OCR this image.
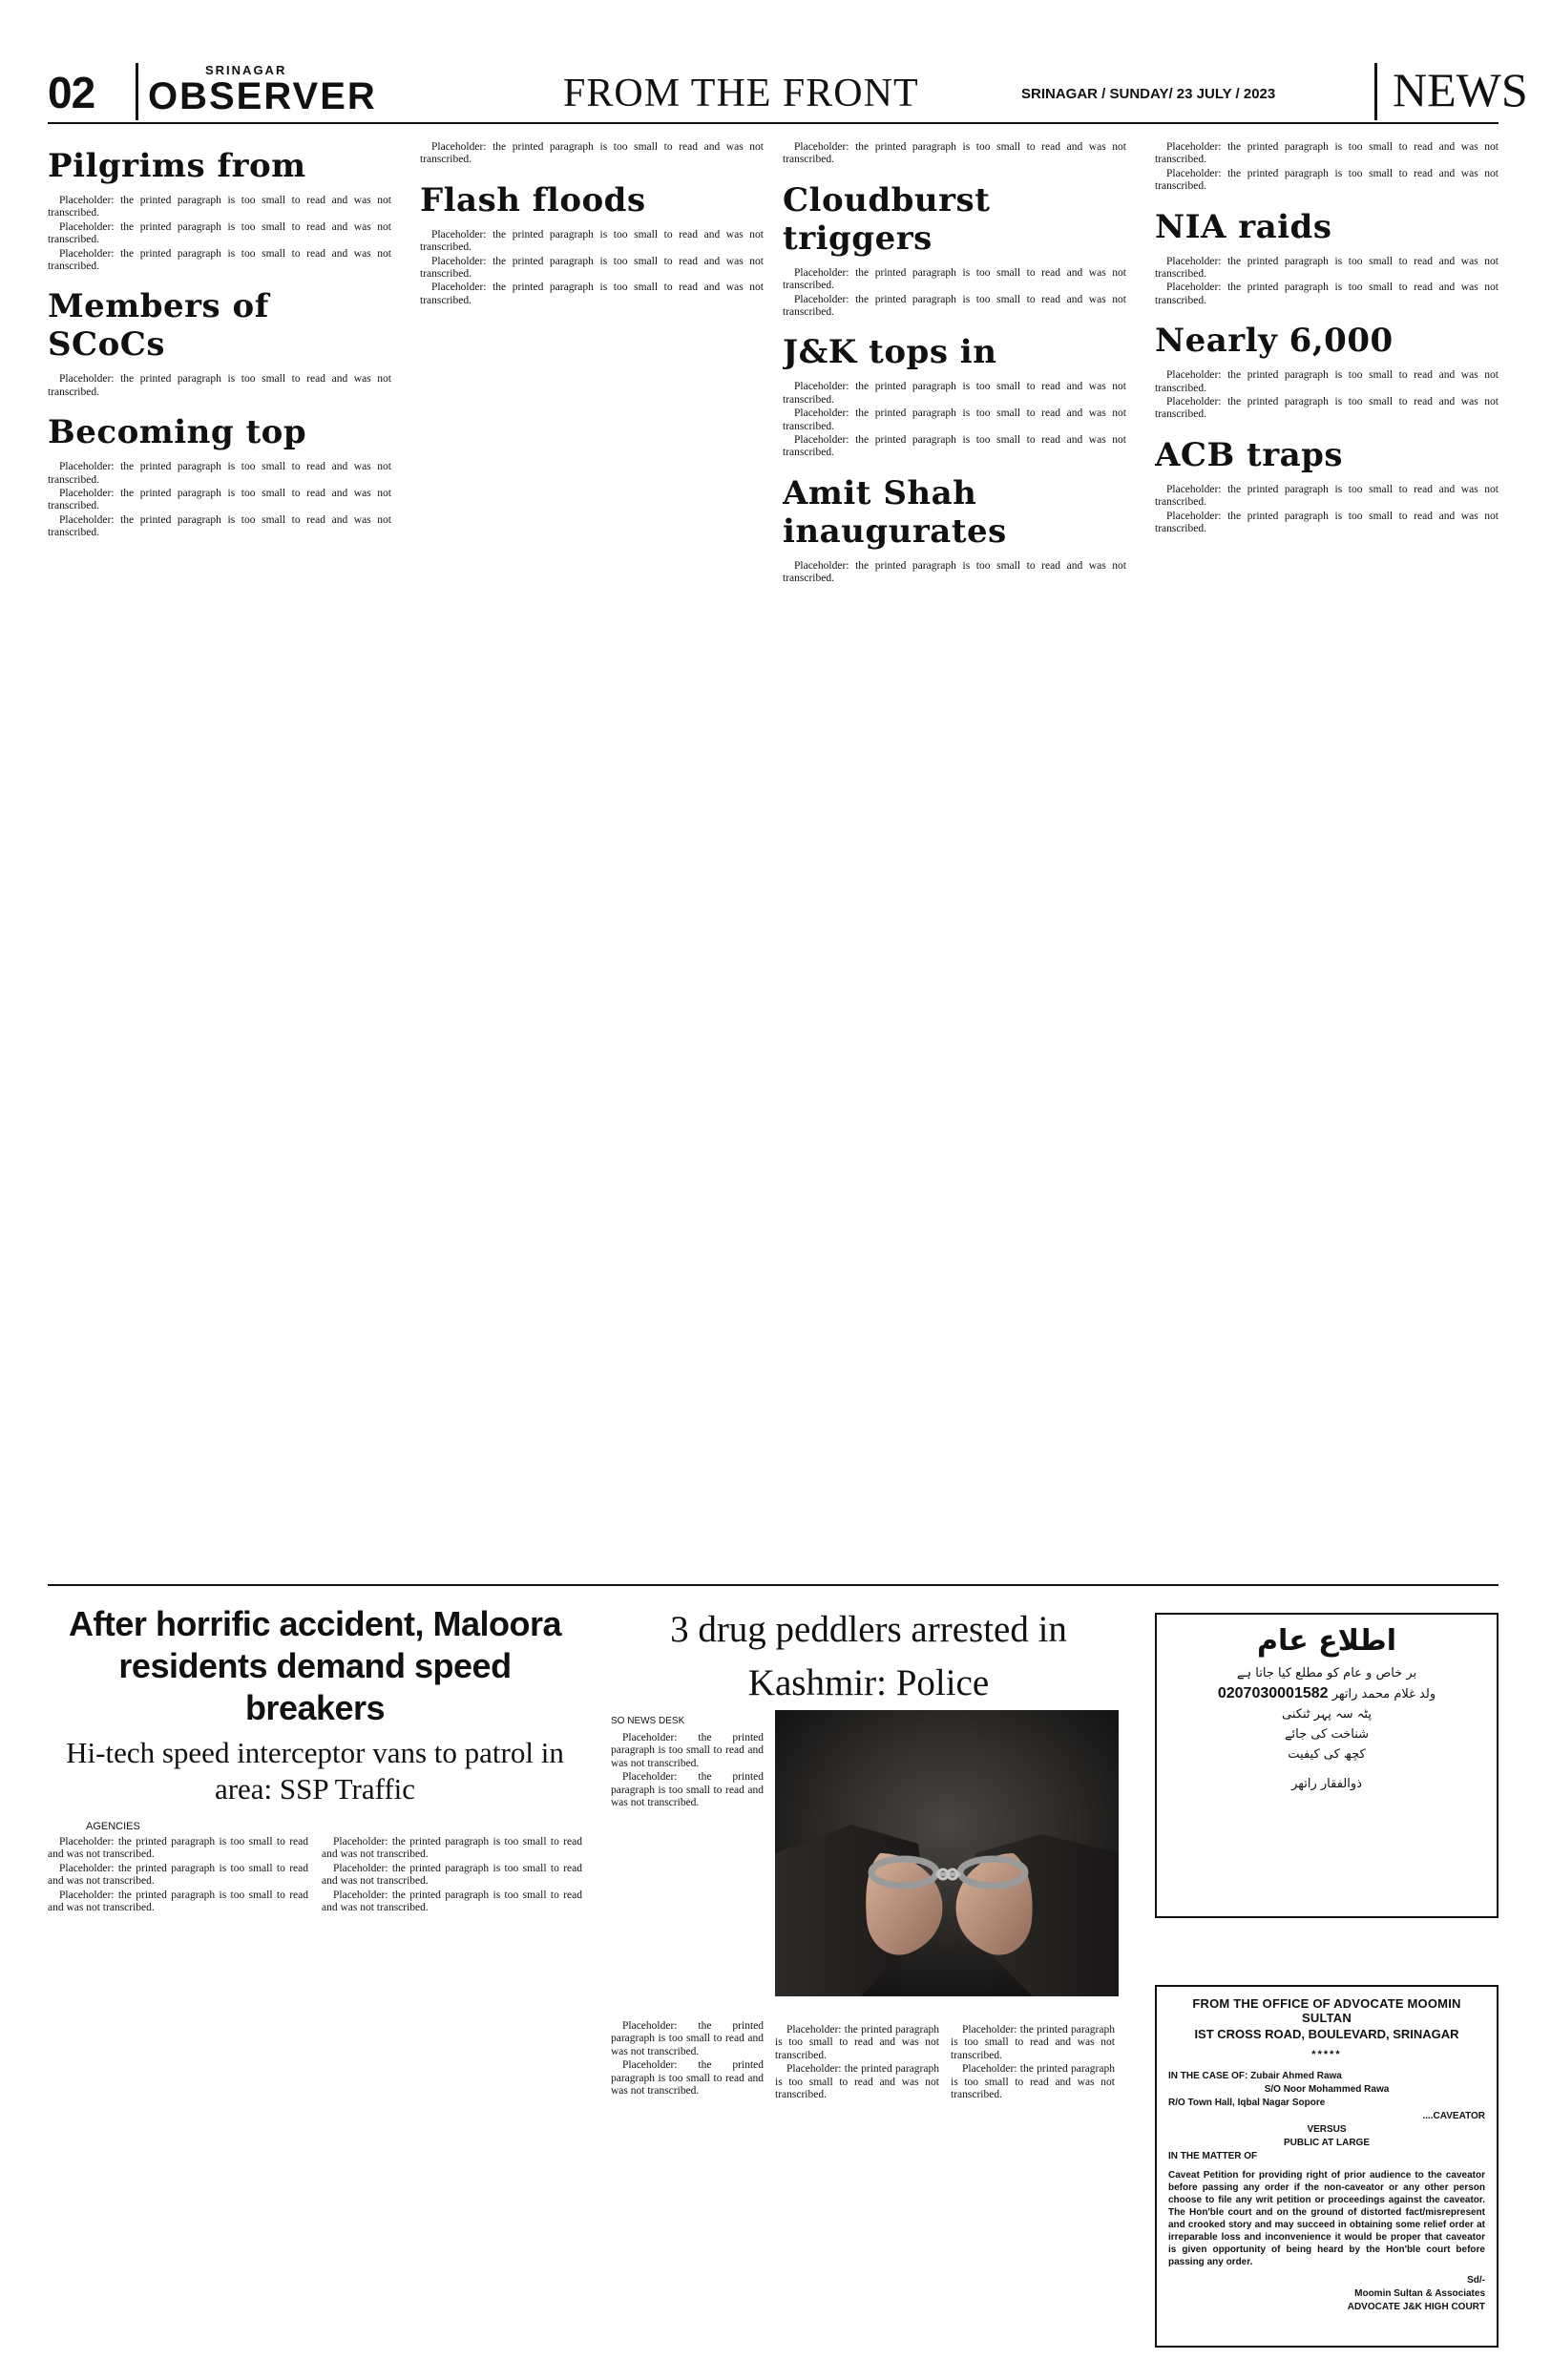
02	SRINAGAR
OBSERVER	FROM THE FRONT	SRINAGAR / SUNDAY/ 23 JULY / 2023	NEWS
Pilgrims from

Placeholder: the printed paragraph is too small to read and was not transcribed.

Placeholder: the printed paragraph is too small to read and was not transcribed.

Placeholder: the printed paragraph is too small to read and was not transcribed.

Members of SCoCs

Placeholder: the printed paragraph is too small to read and was not transcribed.

Becoming top

Placeholder: the printed paragraph is too small to read and was not transcribed.

Placeholder: the printed paragraph is too small to read and was not transcribed.

Placeholder: the printed paragraph is too small to read and was not transcribed.

Placeholder: the printed paragraph is too small to read and was not transcribed.

Flash floods

Placeholder: the printed paragraph is too small to read and was not transcribed.

Placeholder: the printed paragraph is too small to read and was not transcribed.

Placeholder: the printed paragraph is too small to read and was not transcribed.

Placeholder: the printed paragraph is too small to read and was not transcribed.

Cloudburst triggers

Placeholder: the printed paragraph is too small to read and was not transcribed.

Placeholder: the printed paragraph is too small to read and was not transcribed.

J&K tops in

Placeholder: the printed paragraph is too small to read and was not transcribed.

Placeholder: the printed paragraph is too small to read and was not transcribed.

Placeholder: the printed paragraph is too small to read and was not transcribed.

Amit Shah inaugurates

Placeholder: the printed paragraph is too small to read and was not transcribed.

Placeholder: the printed paragraph is too small to read and was not transcribed.

Placeholder: the printed paragraph is too small to read and was not transcribed.

NIA raids

Placeholder: the printed paragraph is too small to read and was not transcribed.

Placeholder: the printed paragraph is too small to read and was not transcribed.

Nearly 6,000

Placeholder: the printed paragraph is too small to read and was not transcribed.

Placeholder: the printed paragraph is too small to read and was not transcribed.

ACB traps

Placeholder: the printed paragraph is too small to read and was not transcribed.

Placeholder: the printed paragraph is too small to read and was not transcribed.

After horrific accident, Maloora residents demand speed breakers
Hi-tech speed interceptor vans to patrol in area: SSP Traffic
AGENCIES

Placeholder: the printed paragraph is too small to read and was not transcribed.

Placeholder: the printed paragraph is too small to read and was not transcribed.

Placeholder: the printed paragraph is too small to read and was not transcribed.

Placeholder: the printed paragraph is too small to read and was not transcribed.

Placeholder: the printed paragraph is too small to read and was not transcribed.

Placeholder: the printed paragraph is too small to read and was not transcribed.

3 drug peddlers arrested in Kashmir: Police
SO NEWS DESK

Placeholder: the printed paragraph is too small to read and was not transcribed.

Placeholder: the printed paragraph is too small to read and was not transcribed.

Placeholder: the printed paragraph is too small to read and was not transcribed.

Placeholder: the printed paragraph is too small to read and was not transcribed.

Placeholder: the printed paragraph is too small to read and was not transcribed.

Placeholder: the printed paragraph is too small to read and was not transcribed.

Placeholder: the printed paragraph is too small to read and was not transcribed.

Placeholder: the printed paragraph is too small to read and was not transcribed.

اطلاع عام
بر خاص و عام کو مطلع کیا جاتا ہے
ولد غلام محمد راتھر 0207030001582
پٹہ سہ پہر ٹنکنی
شناخت کی جائے
کچھ کی کیفیت
ذوالفقار راتھر
FROM THE OFFICE OF ADVOCATE MOOMIN SULTAN
IST CROSS ROAD, BOULEVARD, SRINAGAR
*****
IN THE CASE OF: Zubair Ahmed Rawa
S/O Noor Mohammed Rawa
R/O Town Hall, Iqbal Nagar Sopore
....CAVEATOR
VERSUS
PUBLIC AT LARGE
IN THE MATTER OF
Caveat Petition for providing right of prior audience to the caveator before passing any order if the non-caveator or any other person choose to file any writ petition or proceedings against the caveator. The Hon'ble court and on the ground of distorted fact/misrepresent and crooked story and may succeed in obtaining some relief order at irreparable loss and inconvenience it would be proper that caveator is given opportunity of being heard by the Hon'ble court before passing any order.
Sd/-
Moomin Sultan & Associates
ADVOCATE J&K HIGH COURT
